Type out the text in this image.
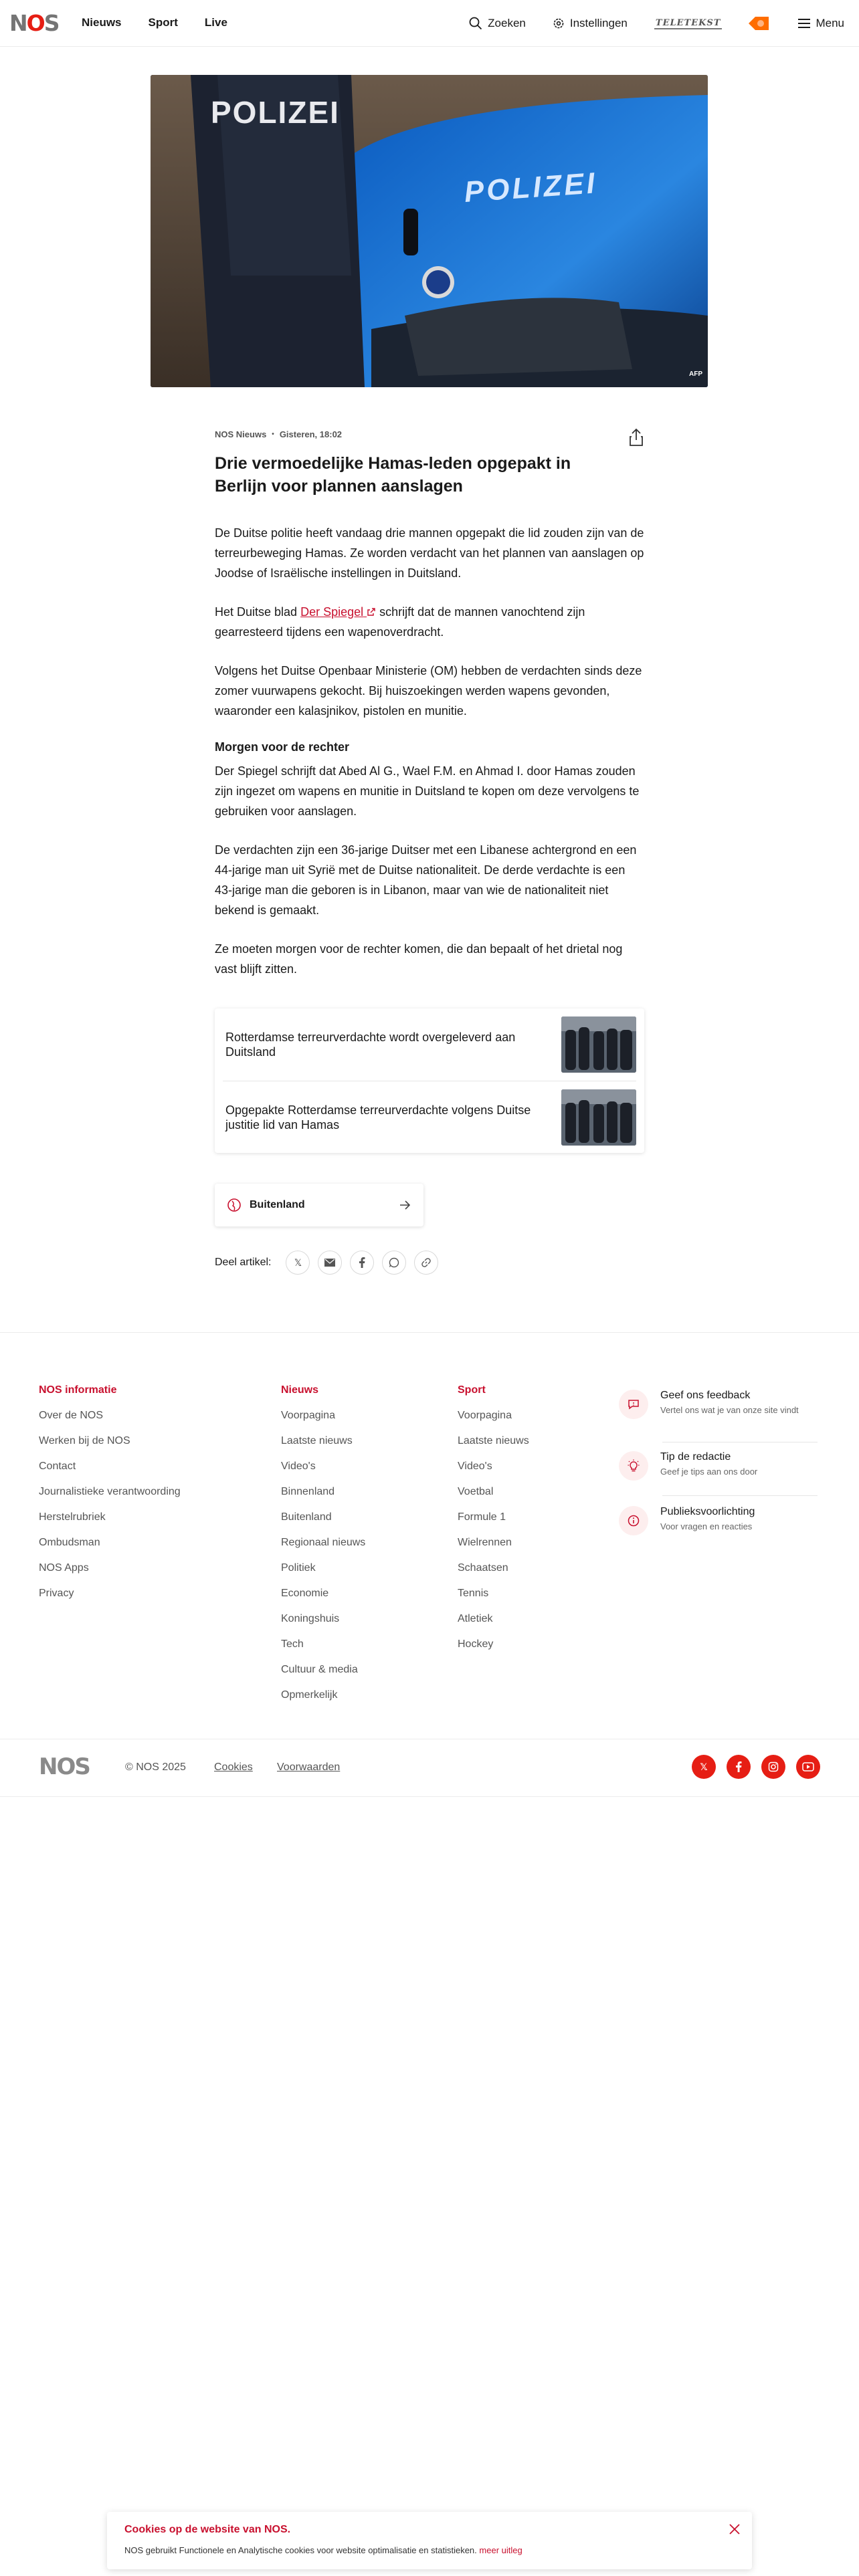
NOS Nieuws Sport Live	Zoeken	Instellingen	TELETEKST	Menu
POLIZEI
POLIZEI
AFP
NOS Nieuws • Gisteren, 18:02
Drie vermoedelijke Hamas-leden opgepakt in Berlijn voor plannen aanslagen

De Duitse politie heeft vandaag drie mannen opgepakt die lid zouden zijn van de terreurbeweging Hamas. Ze worden verdacht van het plannen van aanslagen op Joodse of Israëlische instellingen in Duitsland.

Het Duitse blad Der Spiegel  schrijft dat de mannen vanochtend zijn gearresteerd tijdens een wapenoverdracht.

Volgens het Duitse Openbaar Ministerie (OM) hebben de verdachten sinds deze zomer vuurwapens gekocht. Bij huiszoekingen werden wapens gevonden, waaronder een kalasjnikov, pistolen en munitie.

Morgen voor de rechter

Der Spiegel schrijft dat Abed Al G., Wael F.M. en Ahmad I. door Hamas zouden zijn ingezet om wapens en munitie in Duitsland te kopen om deze vervolgens te gebruiken voor aanslagen.

De verdachten zijn een 36-jarige Duitser met een Libanese achtergrond en een 44-jarige man uit Syrië met de Duitse nationaliteit. De derde verdachte is een 43-jarige man die geboren is in Libanon, maar van wie de nationaliteit niet bekend is gemaakt.

Ze moeten morgen voor de rechter komen, die dan bepaalt of het drietal nog vast blijft zitten.

Rotterdamse terreurverdachte wordt overgeleverd aan Duitsland
Opgepakte Rotterdamse terreurverdachte volgens Duitse justitie lid van Hamas
Buitenland
Deel artikel: 𝕏
NOS informatie
Over de NOS
Werken bij de NOS
Contact
Journalistieke verantwoording
Herstelrubriek
Ombudsman
NOS Apps
Privacy
Nieuws
Voorpagina
Laatste nieuws
Video's
Binnenland
Buitenland
Regionaal nieuws
Politiek
Economie
Koningshuis
Tech
Cultuur & media
Opmerkelijk
Sport
Voorpagina
Laatste nieuws
Video's
Voetbal
Formule 1
Wielrennen
Schaatsen
Tennis
Atletiek
Hockey
Geef ons feedback
Vertel ons wat je van onze site vindt
Tip de redactie
Geef je tips aan ons door
Publieksvoorlichting
Voor vragen en reacties
NOS	© NOS 2025	Cookies Voorwaarden	𝕏
Cookies op de website van NOS.
NOS gebruikt Functionele en Analytische cookies voor website optimalisatie en statistieken. meer uitleg
